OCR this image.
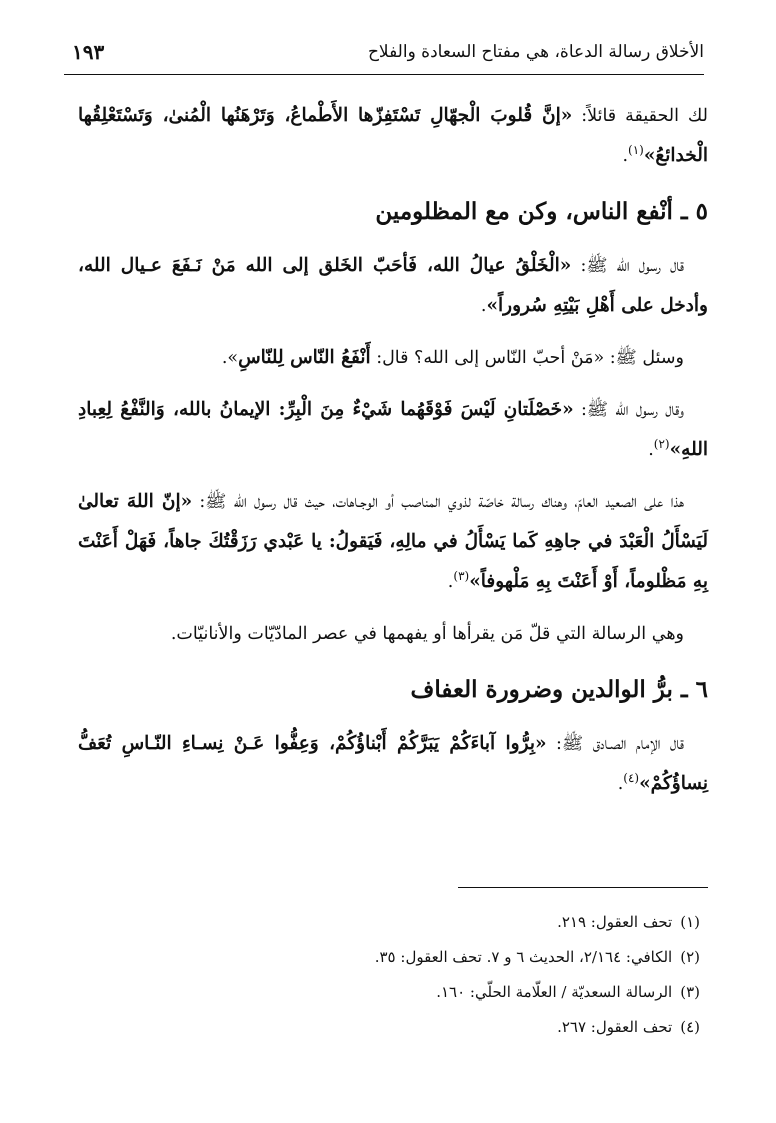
الأخلاق رسالة الدعاة، هي مفتاح السعادة والفلاح
١٩٣

لك الحقيقة قائلاً: «إنَّ قُلوبَ الْجهّالِ تَسْتَفِزّها الأَطْماعُ، وَتَرْهَنُها الْمُنىٰ، وَتَسْتَعْلِقُها الْخدائعُ»$^{(١)}$.

٥ ـ أنْفع الناس، وكن مع المظلومين

قال رسول الله ﷺ: «الْخَلْقُ عيالُ الله، فَأحَبّ الخَلق إلى الله مَنْ نَـفَعَ عـيال الله، وأدخل على أَهْلِ بَيْتِهِ سُروراً».

وسئل ﷺ: «مَنْ أحبّ النّاس إلى الله؟ قال: أَنْفَعُ النّاس لِلنّاسِ».

وقال رسول الله ﷺ: «خَصْلَتانِ لَيْسَ فَوْقَهُما شَيْءٌ مِنَ الْبِرِّ: الإيمانُ بالله، وَالنَّفْعُ لِعِبادِ اللهِ»$^{(٢)}$.

هذا على الصعيد العامّ، وهناك رسالة خاصّة لذوي المناصب أو الوجـاهات، حيث قال رسول الله ﷺ: «إنّ اللهَ تعالىٰ لَيَسْأَلُ الْعَبْدَ في جاهِهِ كَما يَسْأَلُ في مالِهِ، فَيَقولُ: يا عَبْدي رَزَقْتُكَ جاهاً، فَهَلْ أَعَنْتَ بِهِ مَظْلوماً، أَوْ أَعَنْتَ بِهِ مَلْهوفاً»$^{(٣)}$.

وهي الرسالة التي قلّ مَن يقرأها أو يفهمها في عصر المادّيّات والأنانيّات.

٦ ـ برُّ الوالدين وضرورة العفاف

قال الإمام الصـادق ﷺ: «بِرُّوا آباءَكُمْ يَبَرَّكُمْ أَبْناؤُكُمْ، وَعِفُّوا عَـنْ نِسـاءِ النّـاسِ تُعَفُّ نِساؤُكُمْ»$^{(٤)}$.

(١)تحف العقول: ٢١٩.
(٢)الكافي: ٢/١٦٤، الحديث ٦ و ٧. تحف العقول: ٣٥.
(٣)الرسالة السعديّة / العلّامة الحلّي: ١٦٠.
(٤)تحف العقول: ٢٦٧.
